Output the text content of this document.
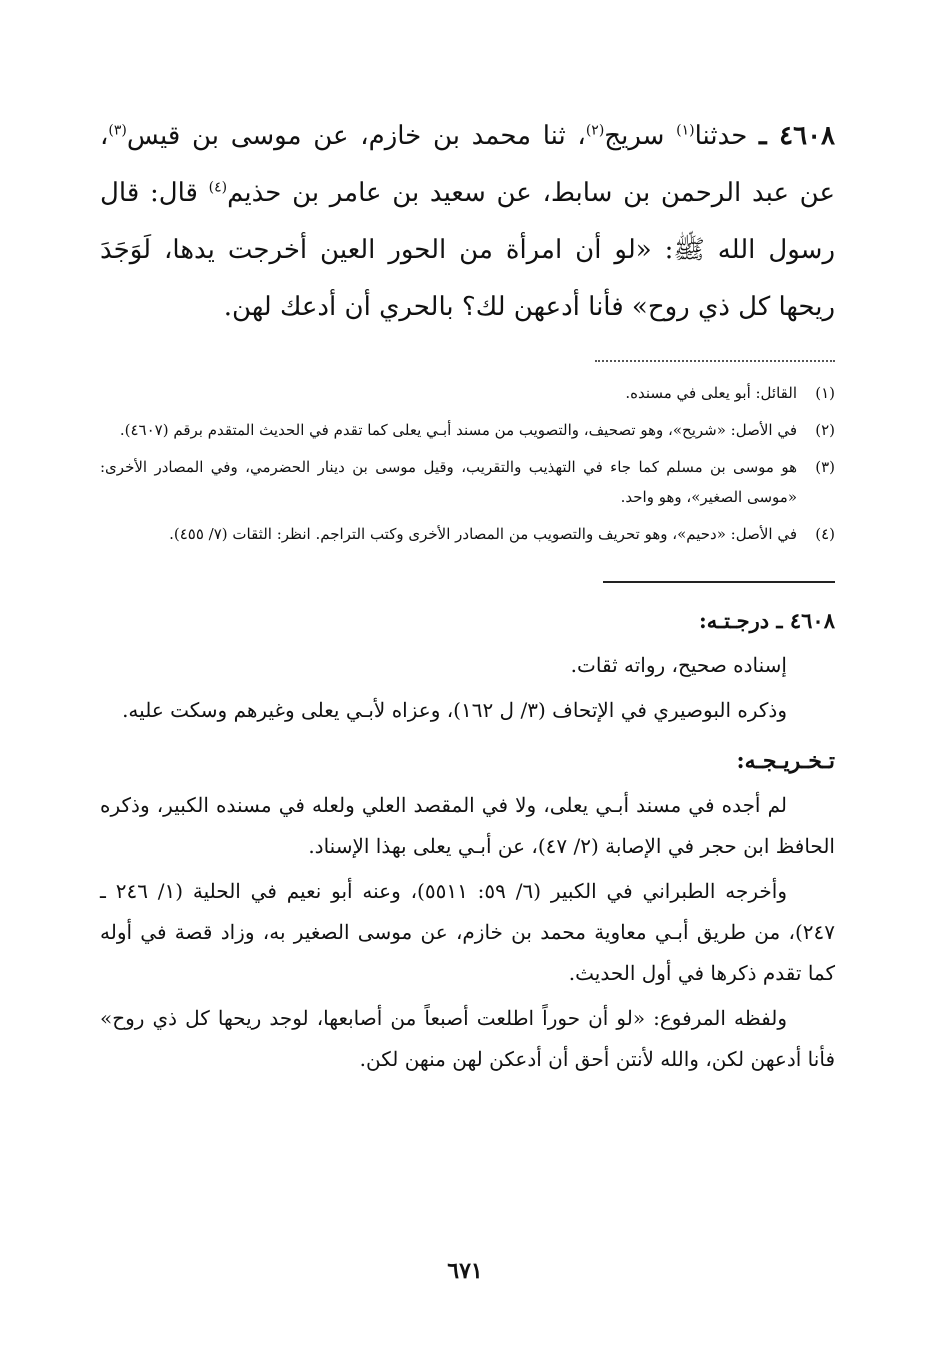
٤٦٠٨ ـ حدثنا$^{(١)}$ سريج$^{(٢)}$، ثنا محمد بن خازم، عن موسى بن قيس$^{(٣)}$، عن عبد الرحمن بن سابط، عن سعيد بن عامر بن حذيم$^{(٤)}$ قال: قال رسول الله ﷺ: «لو أن امرأة من الحور العين أخرجت يدها، لَوَجَدَ ريحها كل ذي روح» فأنا أدعهن لك؟ بالحري أن أدعك لهن.

(١)
القائل: أبو يعلى في مسنده.
(٢)
في الأصل: «شريح»، وهو تصحيف، والتصويب من مسند أبـي يعلى كما تقدم في الحديث المتقدم برقم (٤٦٠٧).
(٣)
هو موسى بن مسلم كما جاء في التهذيب والتقريب، وقيل موسى بن دينار الحضرمي، وفي المصادر الأخرى: «موسى الصغير»، وهو واحد.
(٤)
في الأصل: «دحيم»، وهو تحريف والتصويب من المصادر الأخرى وكتب التراجم. انظر: الثقات (٧/ ٤٥٥).
٤٦٠٨ ـ درجـتـه:

إسناده صحيح، رواته ثقات.

وذكره البوصيري في الإتحاف (٣/ ل ١٦٢)، وعزاه لأبـي يعلى وغيرهم وسكت عليه.

تـخـريـجـه:

لم أجده في مسند أبـي يعلى، ولا في المقصد العلي ولعله في مسنده الكبير، وذكره الحافظ ابن حجر في الإصابة (٢/ ٤٧)، عن أبـي يعلى بهذا الإسناد.

وأخرجه الطبراني في الكبير (٦/ ٥٩: ٥٥١١)، وعنه أبو نعيم في الحلية (١/ ٢٤٦ ـ ٢٤٧)، من طريق أبـي معاوية محمد بن خازم، عن موسى الصغير به، وزاد قصة في أوله كما تقدم ذكرها في أول الحديث.

ولفظه المرفوع: «لو أن حوراً اطلعت أصبعاً من أصابعها، لوجد ريحها كل ذي روح» فأنا أدعهن لكن، والله لأنتن أحق أن أدعكن لهن منهن لكن.

٦٧١
